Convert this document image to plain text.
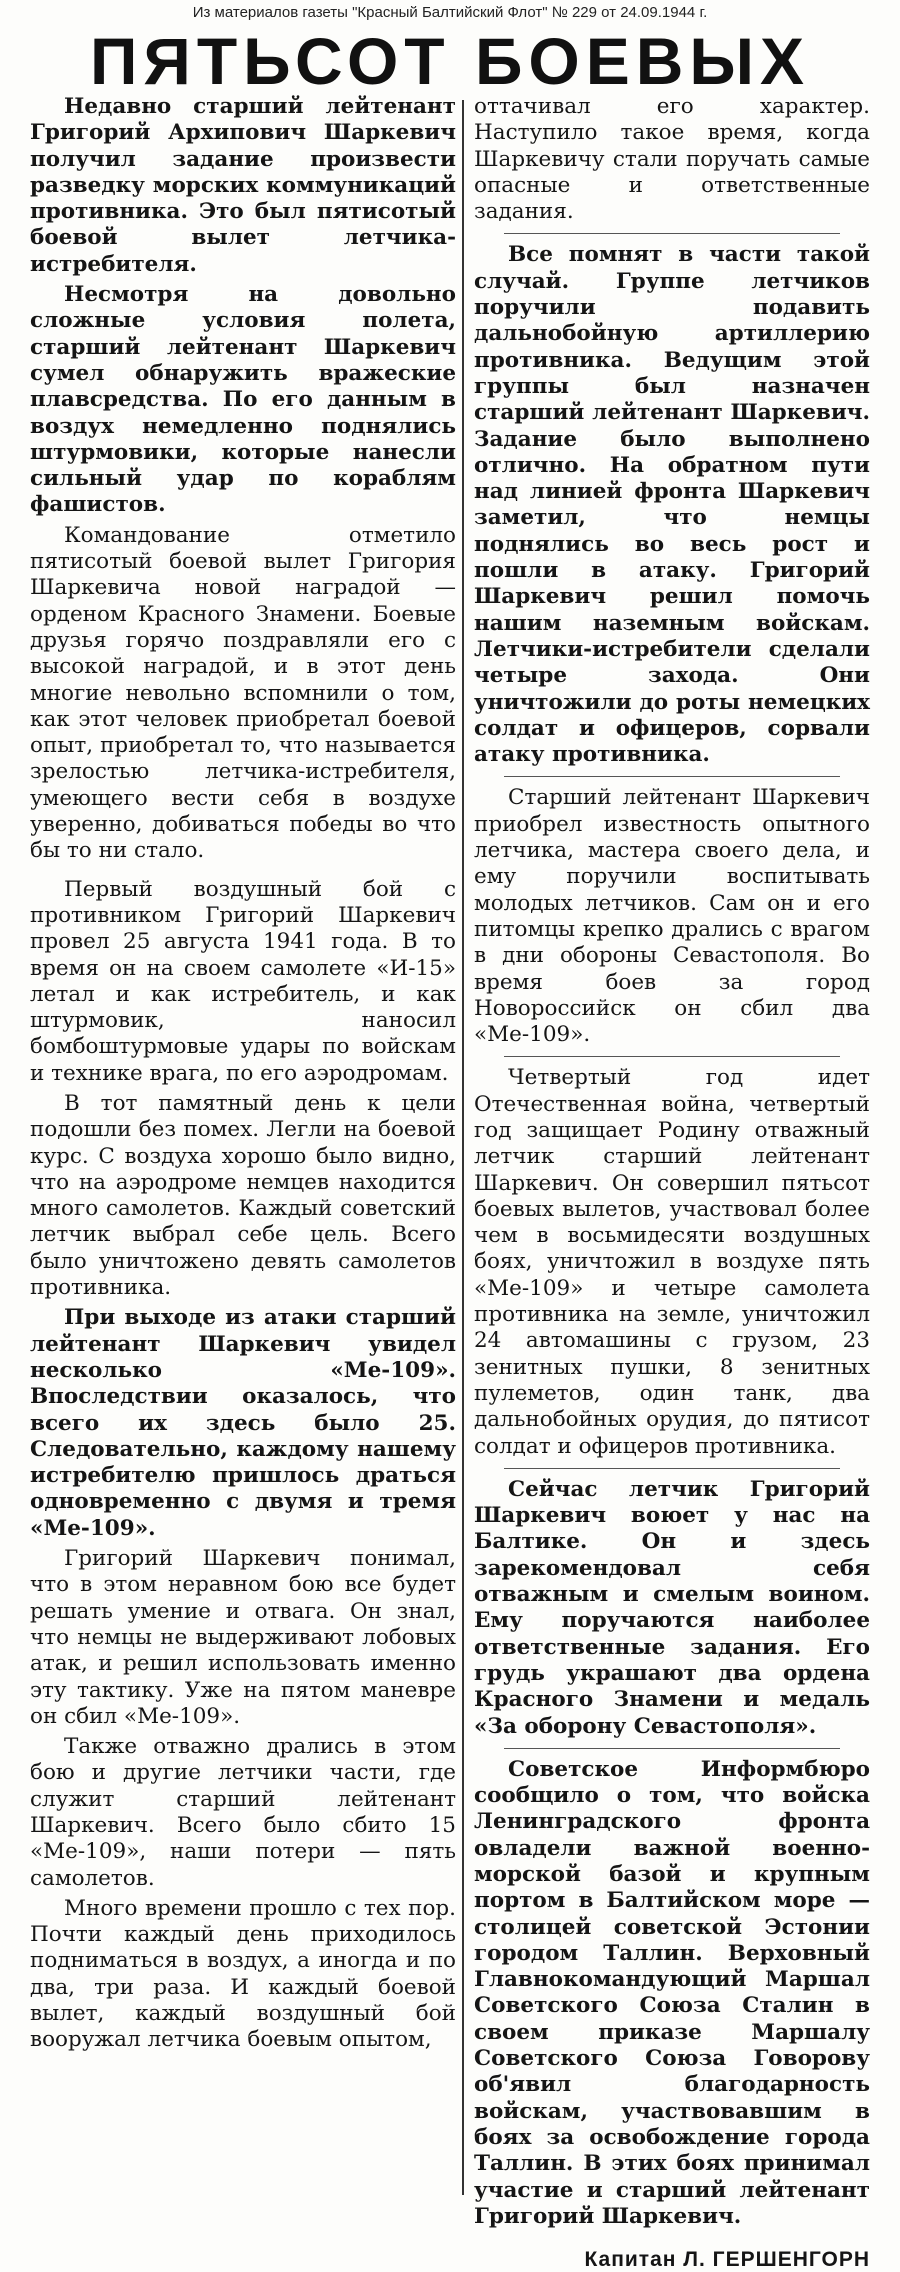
Из материалов газеты "Красный Балтийский Флот" № 229 от 24.09.1944 г.
ПЯТЬСОТ БОЕВЫХ

Недавно старший лейтенант Григорий Архипович Шаркевич получил задание произвести разведку морских коммуникаций противника. Это был пятисотый боевой вылет летчика-истребителя.

Несмотря на довольно сложные условия полета, старший лейтенант Шаркевич сумел обнаружить вражеские плавсредства. По его данным в воздух немедленно поднялись штурмовики, которые нанесли сильный удар по кораблям фашистов.

Командование отметило пятисотый боевой вылет Григория Шаркевича новой наградой — орденом Красного Знамени. Боевые друзья горячо поздравляли его с высокой наградой, и в этот день многие невольно вспомнили о том, как этот человек приобретал боевой опыт, приобретал то, что называется зрелостью летчика-истребителя, умеющего вести себя в воздухе уверенно, добиваться победы во что бы то ни стало.

Первый воздушный бой с противником Григорий Шаркевич провел 25 августа 1941 года. В то время он на своем самолете «И-15» летал и как истребитель, и как штурмовик, наносил бомбоштурмовые удары по войскам и технике врага, по его аэродромам.

В тот памятный день к цели подошли без помех. Легли на боевой курс. С воздуха хорошо было видно, что на аэродроме немцев находится много самолетов. Каждый советский летчик выбрал себе цель. Всего было уничтожено девять самолетов противника.

При выходе из атаки старший лейтенант Шаркевич увидел несколько «Ме-109». Впоследствии оказалось, что всего их здесь было 25. Следовательно, каждому нашему истребителю пришлось драться одновременно с двумя и тремя «Ме-109».

Григорий Шаркевич понимал, что в этом неравном бою все будет решать умение и отвага. Он знал, что немцы не выдерживают лобовых атак, и решил использовать именно эту тактику. Уже на пятом маневре он сбил «Ме-109».

Также отважно дрались в этом бою и другие летчики части, где служит старший лейтенант Шаркевич. Всего было сбито 15 «Ме-109», наши потери — пять самолетов.

Много времени прошло с тех пор. Почти каждый день приходилось подниматься в воздух, а иногда и по два, три раза. И каждый боевой вылет, каждый воздушный бой вооружал летчика боевым опытом,

оттачивал его характер. Наступило такое время, когда Шаркевичу стали поручать самые опасные и ответственные задания.

Все помнят в части такой случай. Группе летчиков поручили подавить дальнобойную артиллерию противника. Ведущим этой группы был назначен старший лейтенант Шаркевич. Задание было выполнено отлично. На обратном пути над линией фронта Шаркевич заметил, что немцы поднялись во весь рост и пошли в атаку. Григорий Шаркевич решил помочь нашим наземным войскам. Летчики-истребители сделали четыре захода. Они уничтожили до роты немецких солдат и офицеров, сорвали атаку противника.

Старший лейтенант Шаркевич приобрел известность опытного летчика, мастера своего дела, и ему поручили воспитывать молодых летчиков. Сам он и его питомцы крепко дрались с врагом в дни обороны Севастополя. Во время боев за город Новороссийск он сбил два «Ме-109».

Четвертый год идет Отечественная война, четвертый год защищает Родину отважный летчик старший лейтенант Шаркевич. Он совершил пятьсот боевых вылетов, участвовал более чем в восьмидесяти воздушных боях, уничтожил в воздухе пять «Ме-109» и четыре самолета противника на земле, уничтожил 24 автомашины с грузом, 23 зенитных пушки, 8 зенитных пулеметов, один танк, два дальнобойных орудия, до пятисот солдат и офицеров противника.

Сейчас летчик Григорий Шаркевич воюет у нас на Балтике. Он и здесь зарекомендовал себя отважным и смелым воином. Ему поручаются наиболее ответственные задания. Его грудь украшают два ордена Красного Знамени и медаль «За оборону Севастополя».

Советское Информбюро сообщило о том, что войска Ленинградского фронта овладели важной военно-морской базой и крупным портом в Балтийском море — столицей советской Эстонии городом Таллин. Верховный Главнокомандующий Маршал Советского Союза Сталин в своем приказе Маршалу Советского Союза Говорову об'явил благодарность войскам, участвовавшим в боях за освобождение города Таллин. В этих боях принимал участие и старший лейтенант Григорий Шаркевич.

Капитан Л. ГЕРШЕНГОРН
